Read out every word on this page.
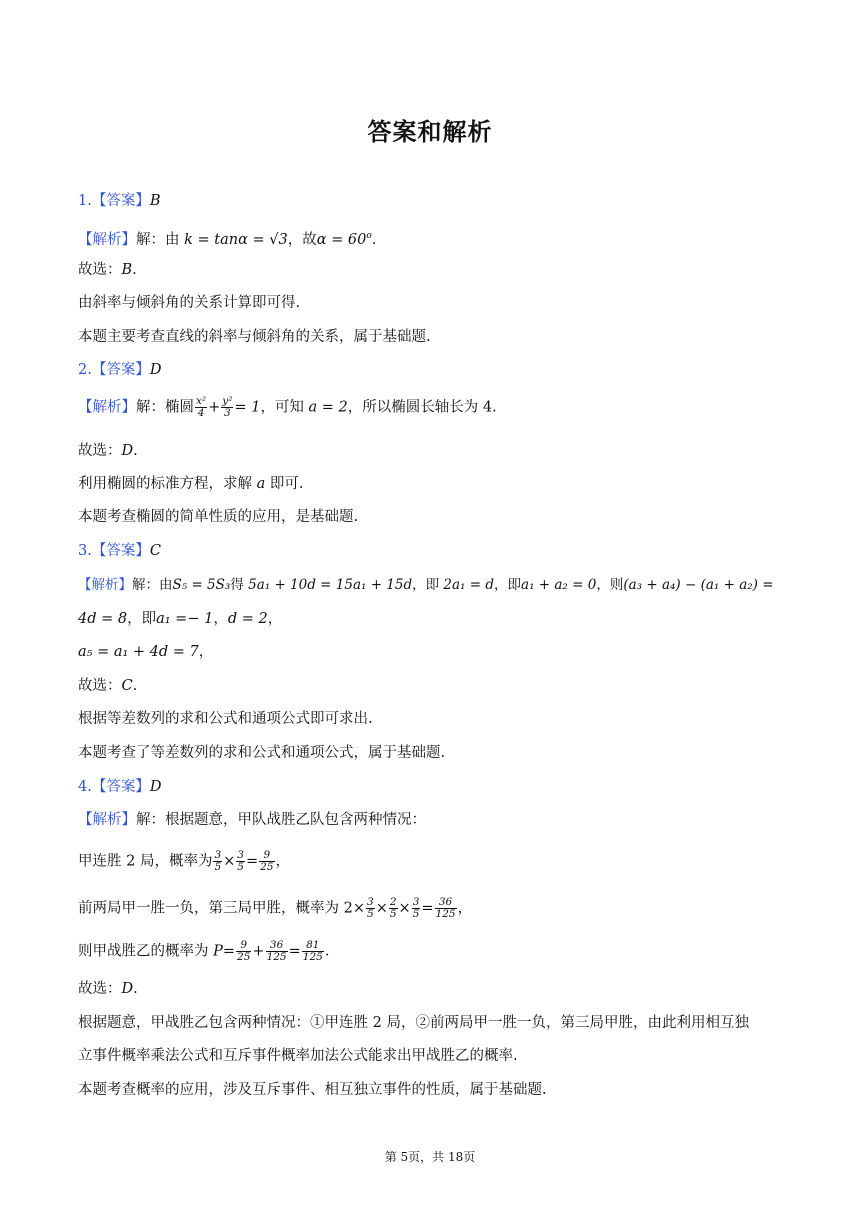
答案和解析
1.【答案】B
【解析】解：由 k = tanα = √3，故$\alpha = 60^o$.
故选：B.
由斜率与倾斜角的关系计算即可得.
本题主要考查直线的斜率与倾斜角的关系，属于基础题.
2.【答案】D
【解析】解：椭圆 $\frac{\text{x²}}{4} + \frac{\text{y²}}{3} = 1$，可知 a = 2，所以椭圆长轴长为 4.
故选：D.
利用椭圆的标准方程，求解 a 即可.
本题考查椭圆的简单性质的应用，是基础题.
3.【答案】C
【解析】解：由S₅ = 5S₃得 5a₁ + 10d = 15a₁ + 15d，即 2a₁ = d，即a₁ + a₂ = 0，则(a₃ + a₄) − (a₁ + a₂) =
4d = 8，即a₁ =− 1，d = 2，
a₅ = a₁ + 4d = 7，
故选：C.
根据等差数列的求和公式和通项公式即可求出.
本题考查了等差数列的求和公式和通项公式，属于基础题.
4.【答案】D
【解析】解：根据题意，甲队战胜乙队包含两种情况：
甲连胜 2 局，概率为 $\frac{3}{5} \times \frac{3}{5} = \frac{9}{25}$ ，
前两局甲一胜一负，第三局甲胜，概率为 $2\times \frac{3}{5} \times \frac{2}{5} \times \frac{3}{5} = \frac{36}{125}$ ，
则甲战胜乙的概率为 $P= \frac{9}{25} + \frac{36}{125} = \frac{81}{125}$ .
故选：D.
根据题意，甲战胜乙包含两种情况：①甲连胜 2 局，②前两局甲一胜一负，第三局甲胜，由此利用相互独
立事件概率乘法公式和互斥事件概率加法公式能求出甲战胜乙的概率.
本题考查概率的应用，涉及互斥事件、相互独立事件的性质，属于基础题.
第 5页，共 18页
